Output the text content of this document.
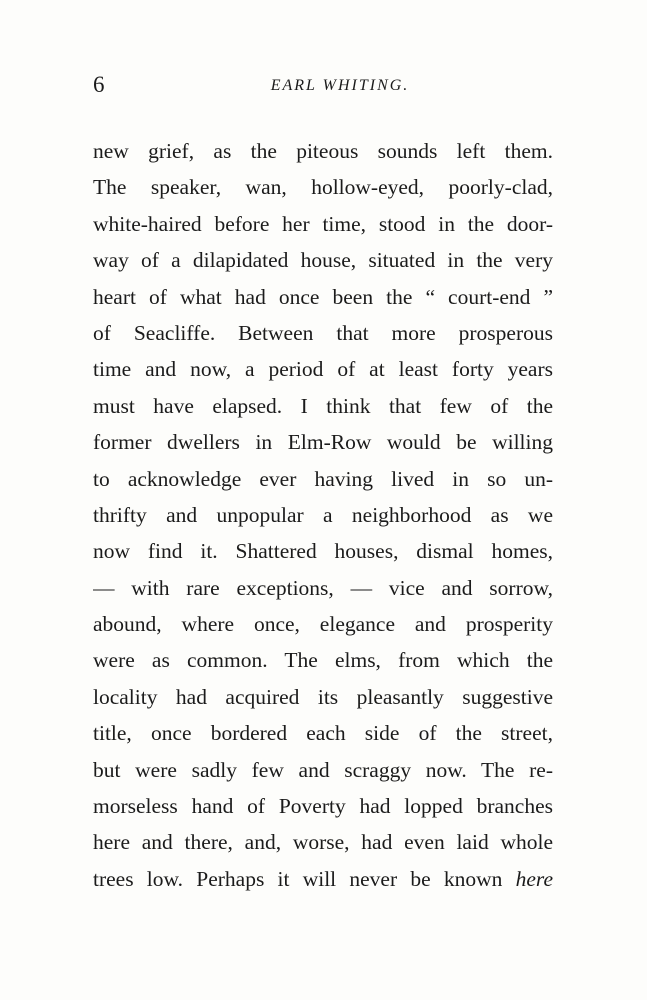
6	EARL WHITING.
new grief, as the piteous sounds left them.
The speaker, wan, hollow-eyed, poorly-clad,
white-haired before her time, stood in the door-
way of a dilapidated house, situated in the very
heart of what had once been the “ court-end ”
of Seacliffe. Between that more prosperous
time and now, a period of at least forty years
must have elapsed. I think that few of the
former dwellers in Elm-Row would be willing
to acknowledge ever having lived in so un-
thrifty and unpopular a neighborhood as we
now find it. Shattered houses, dismal homes,
— with rare exceptions, — vice and sorrow,
abound, where once, elegance and prosperity
were as common. The elms, from which the
locality had acquired its pleasantly suggestive
title, once bordered each side of the street,
but were sadly few and scraggy now. The re-
morseless hand of Poverty had lopped branches
here and there, and, worse, had even laid whole
trees low. Perhaps it will never be known here
